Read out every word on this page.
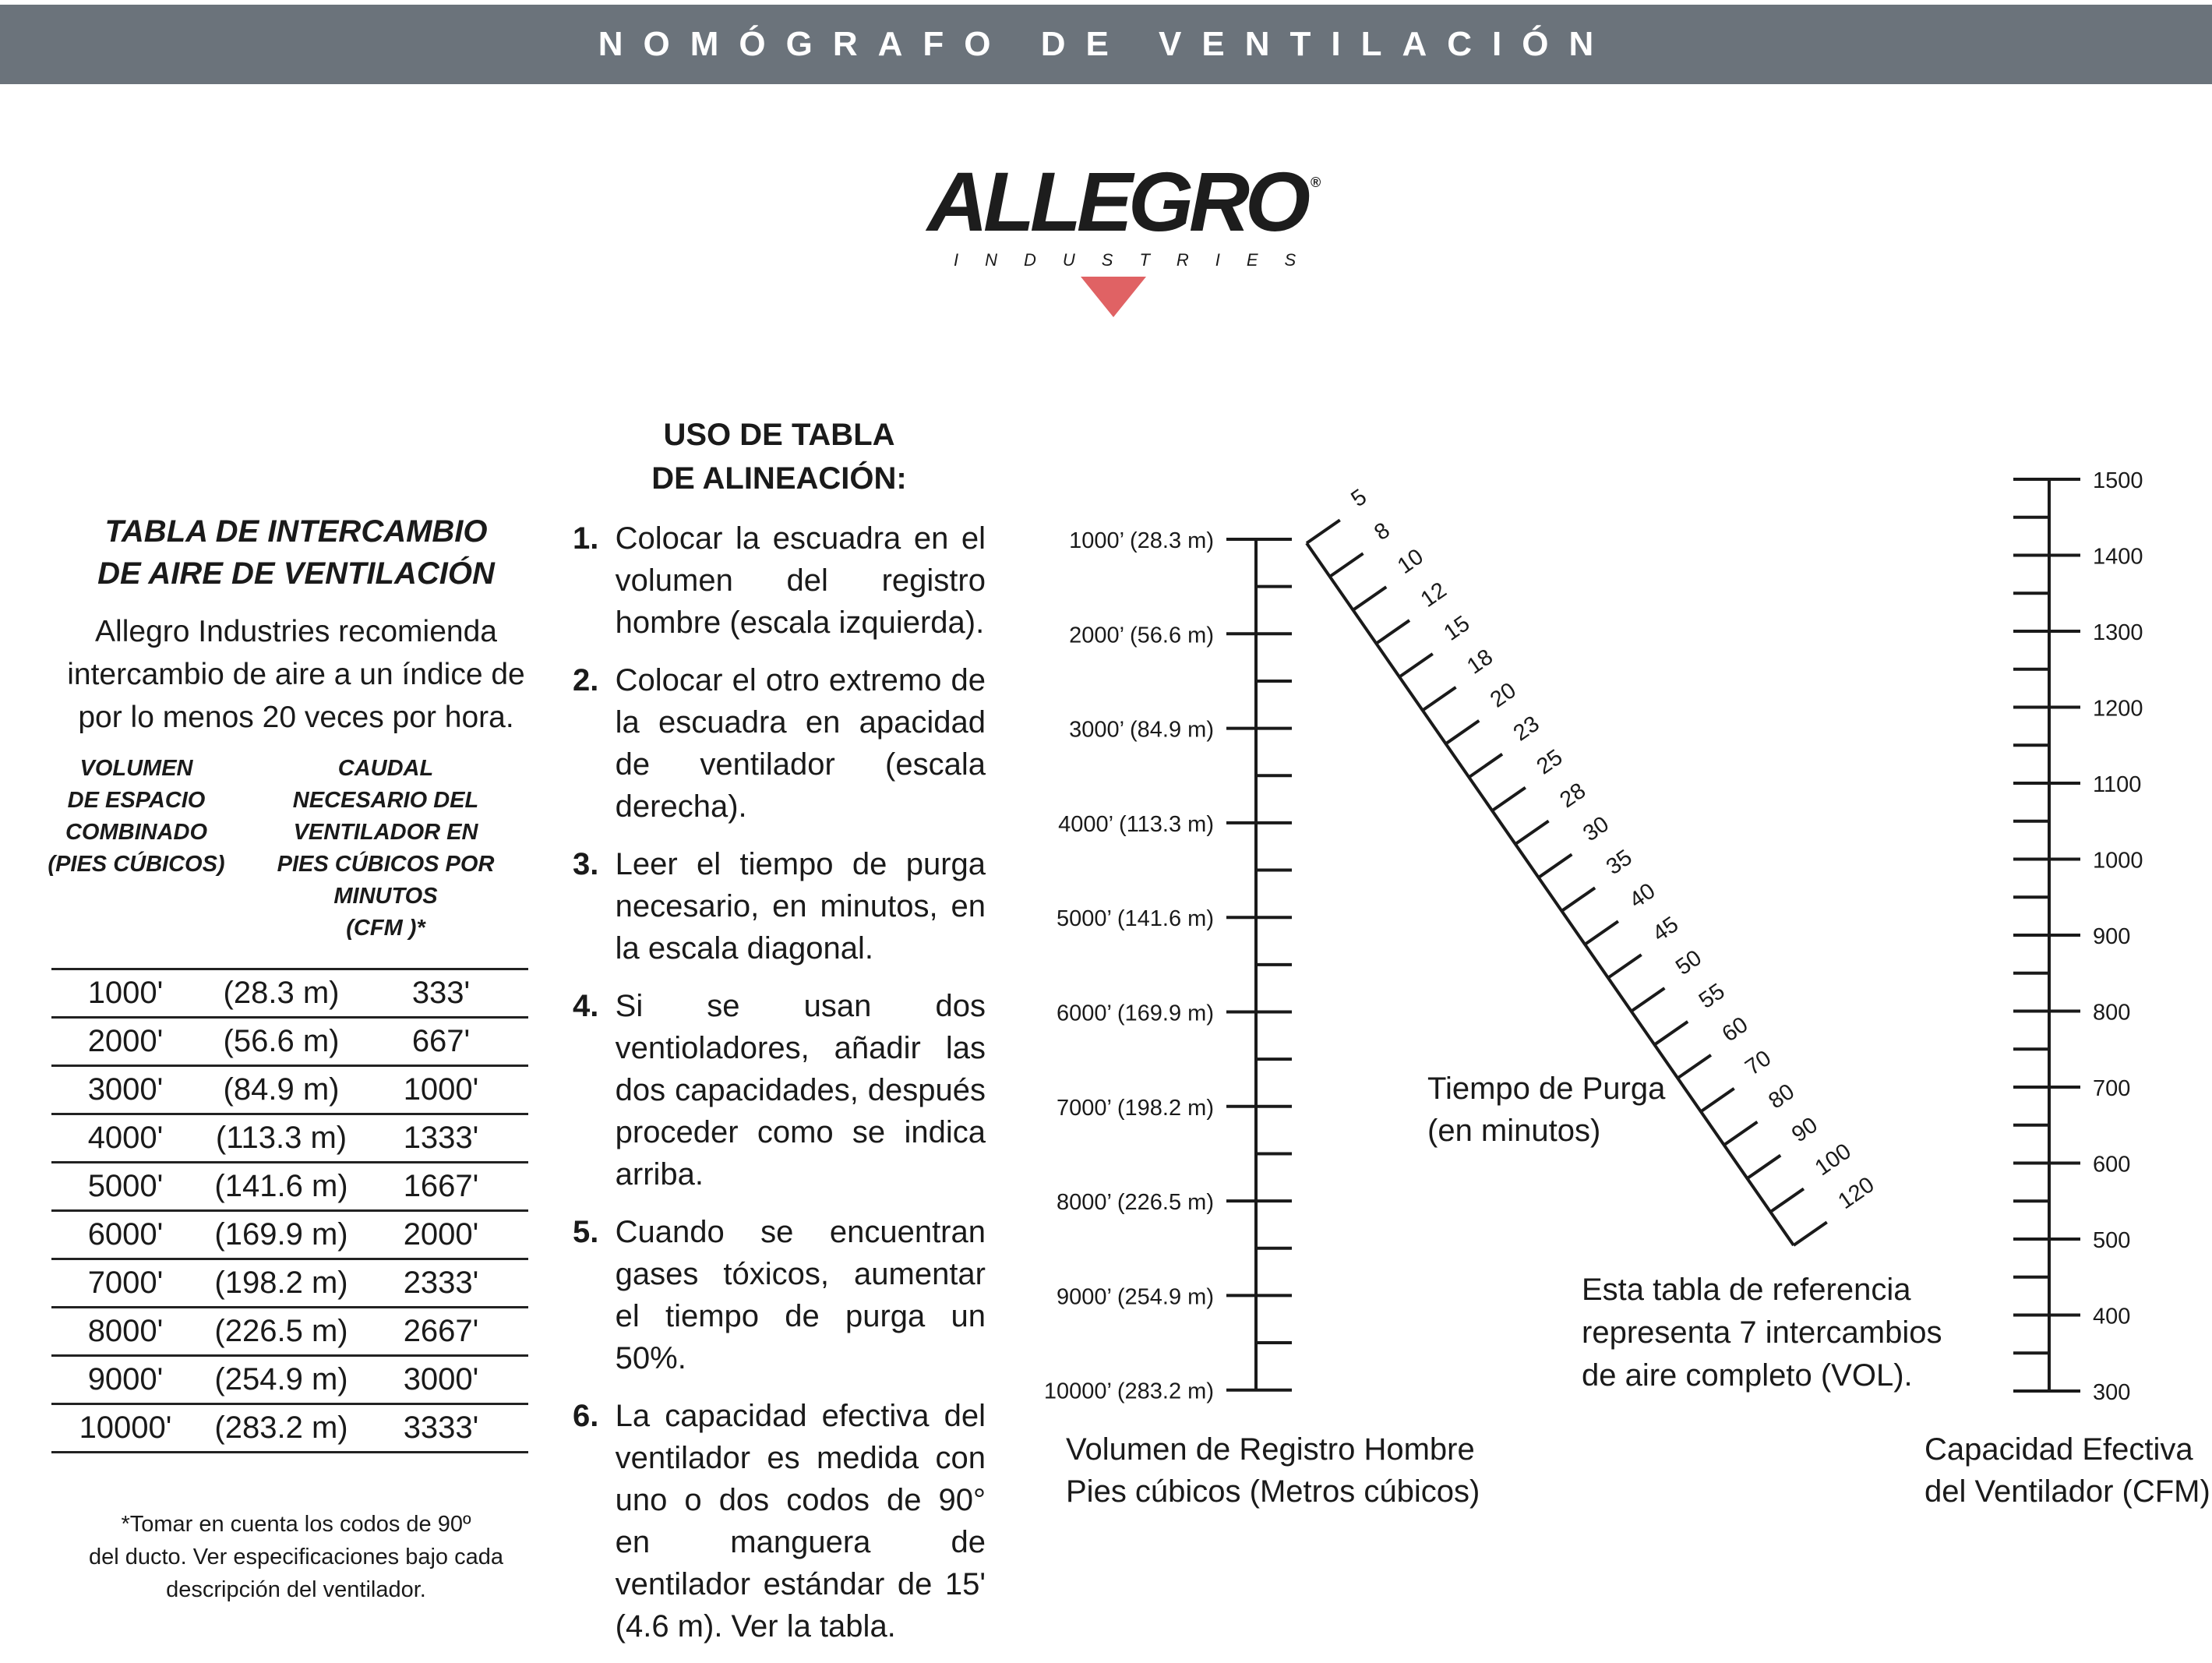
NOMÓGRAFO DE VENTILACIÓN
ALLEGRO ®
INDUSTRIES
TABLA DE INTERCAMBIO
DE AIRE DE VENTILACIÓN
Allegro Industries recomienda
intercambio de aire a un índice de
por lo menos 20 veces por hora.
VOLUMEN
DE ESPACIO
COMBINADO
(PIES CÚBICOS)
CAUDAL
NECESARIO DEL
VENTILADOR EN
PIES CÚBICOS POR MINUTOS
(CFM )*
1000'	(28.3 m)	333'
2000'	(56.6 m)	667'
3000'	(84.9 m)	1000'
4000'	(113.3 m)	1333'
5000'	(141.6 m)	1667'
6000'	(169.9 m)	2000'
7000'	(198.2 m)	2333'
8000'	(226.5 m)	2667'
9000'	(254.9 m)	3000'
10000'	(283.2 m)	3333'
*Tomar en cuenta los codos de 90º
del ducto. Ver especificaciones bajo cada
descripción del ventilador.
USO DE TABLA
DE ALINEACIÓN:
1. Colocar la escuadra en el volumen del registro hombre (escala izquierda).
2. Colocar el otro extremo de la escuadra en apacidad de ventilador (escala derecha).
3. Leer el tiempo de purga necesario, en minutos, en la escala diagonal.
4. Si se usan dos ventioladores, añadir las dos capacidades, después proceder como se indica arriba.
5. Cuando se encuentran gases tóxicos, aumentar el tiempo de purga un 50%.
6. La capacidad efectiva del ventilador es medida con uno o dos codos de 90° en manguera de ventilador estándar de 15' (4.6 m). Ver la tabla.
1000’ (28.3 m)
2000’ (56.6 m)
3000’ (84.9 m)
4000’ (113.3 m)
5000’ (141.6 m)
6000’ (169.9 m)
7000’ (198.2 m)
8000’ (226.5 m)
9000’ (254.9 m)
10000’ (283.2 m)
Volumen de Registro Hombre
Pies cúbicos (Metros cúbicos)
1500
1400
1300
1200
1100
1000
900
800
700
600
500
400
300
Capacidad Efectiva
del Ventilador (CFM)
5
8
10
12
15
18
20
23
25
28
30
35
40
45
50
55
60
70
80
90
100
120
Tiempo de Purga
(en minutos)
Esta tabla de referencia
representa 7 intercambios
de aire completo (VOL).
